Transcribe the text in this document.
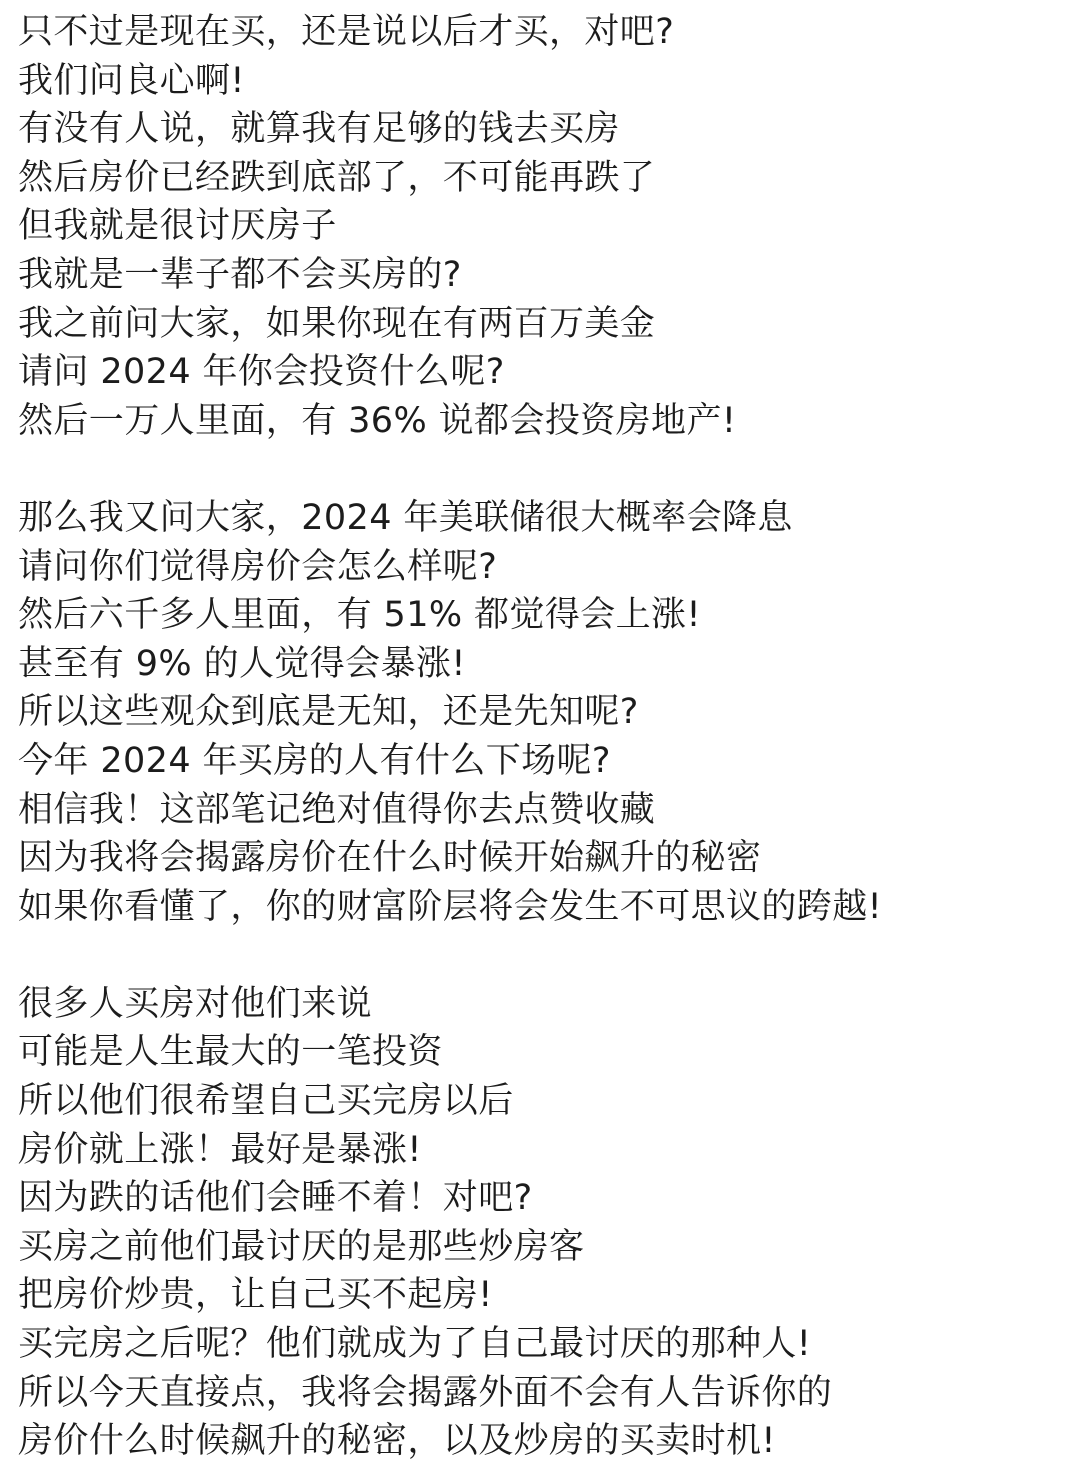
只不过是现在买，还是说以后才买，对吧?
我们问良心啊!
有没有人说，就算我有足够的钱去买房
然后房价已经跌到底部了，不可能再跌了
但我就是很讨厌房子
我就是一辈子都不会买房的?
我之前问大家，如果你现在有两百万美金
请问 2024 年你会投资什么呢?
然后一万人里面，有 36% 说都会投资房地产!
那么我又问大家，2024 年美联储很大概率会降息
请问你们觉得房价会怎么样呢?
然后六千多人里面，有 51% 都觉得会上涨!
甚至有 9% 的人觉得会暴涨!
所以这些观众到底是无知，还是先知呢?
今年 2024 年买房的人有什么下场呢?
相信我！这部笔记绝对值得你去点赞收藏
因为我将会揭露房价在什么时候开始飙升的秘密
如果你看懂了，你的财富阶层将会发生不可思议的跨越!
很多人买房对他们来说
可能是人生最大的一笔投资
所以他们很希望自己买完房以后
房价就上涨！最好是暴涨!
因为跌的话他们会睡不着！对吧?
买房之前他们最讨厌的是那些炒房客
把房价炒贵，让自己买不起房!
买完房之后呢？他们就成为了自己最讨厌的那种人!
所以今天直接点，我将会揭露外面不会有人告诉你的
房价什么时候飙升的秘密，以及炒房的买卖时机!
